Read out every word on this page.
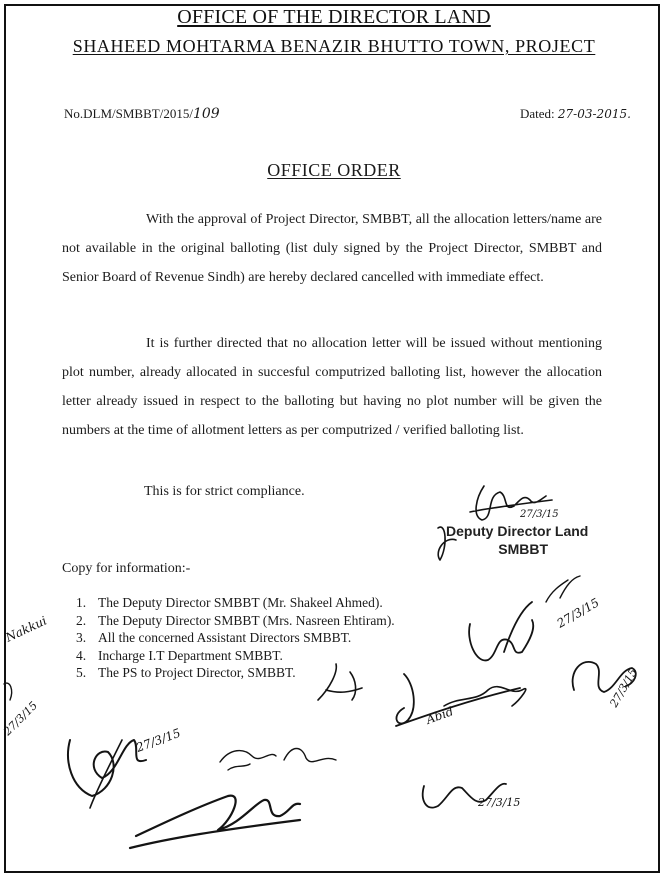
OFFICE OF THE DIRECTOR LAND
SHAHEED MOHTARMA BENAZIR BHUTTO TOWN, PROJECT
No.DLM/SMBBT/2015/109	Dated: 27-03-2015.
OFFICE ORDER

With the approval of Project Director, SMBBT, all the allocation letters/name are not available in the original balloting (list duly signed by the Project Director, SMBBT and Senior Board of Revenue Sindh) are hereby declared cancelled with immediate effect.

It is further directed that no allocation letter will be issued without mentioning plot number, already allocated in succesful computrized balloting list, however the allocation letter already issued in respect to the balloting but having no plot number will be given the numbers at the time of allotment letters as per computrized / verified balloting list.

This is for strict compliance.
Deputy Director Land
SMBBT
Copy for information:-
1. The Deputy Director SMBBT (Mr. Shakeel Ahmed).
2. The Deputy Director SMBBT (Mrs. Nasreen Ehtiram).
3. All the concerned Assistant Directors SMBBT.
4. Incharge I.T Department SMBBT.
5. The PS to Project Director, SMBBT.
27/3/15
27/3/15
27/3/15
Abid
Nakkui
27/3/15
27/3/15
27/3/15
